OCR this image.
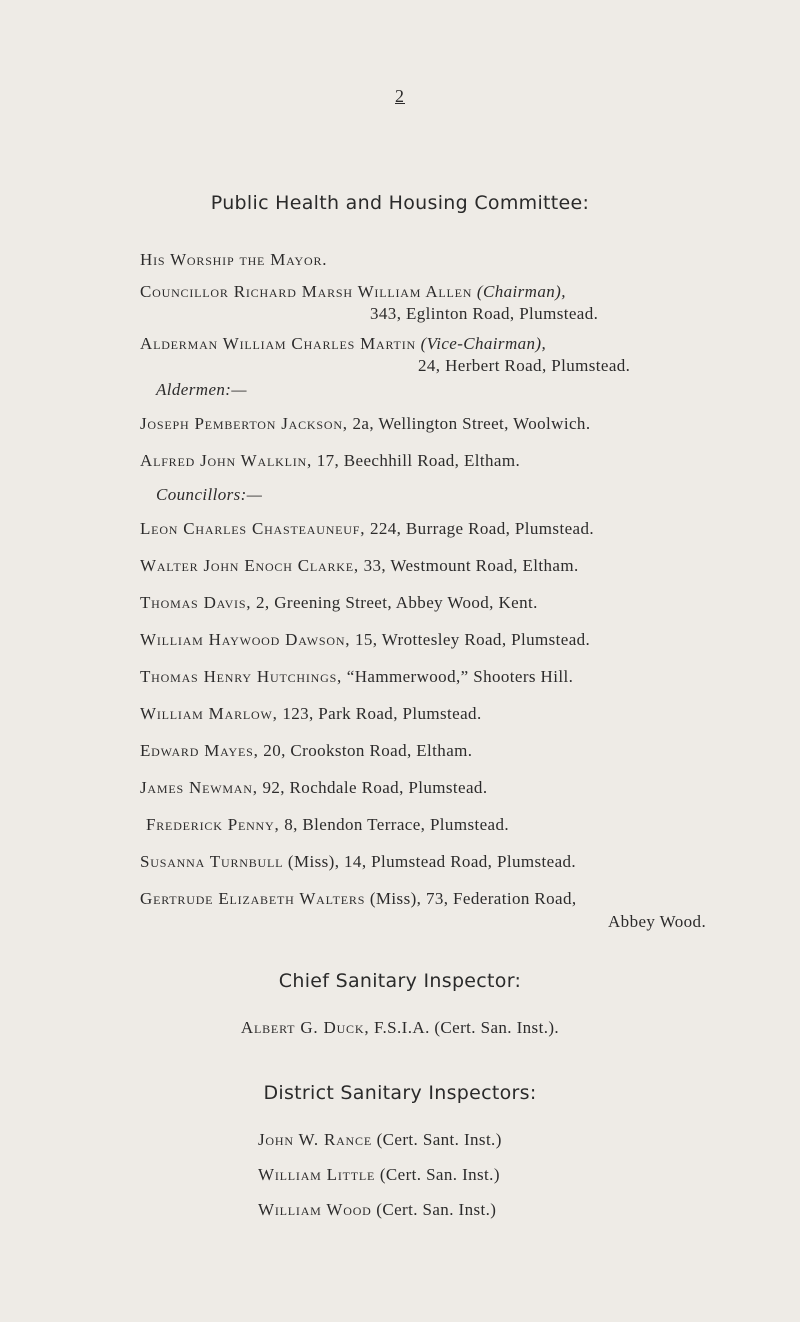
2
Public Health and Housing Committee:
His Worship the Mayor.
Councillor Richard Marsh William Allen (Chairman),
343, Eglinton Road, Plumstead.
Alderman William Charles Martin (Vice-Chairman),
24, Herbert Road, Plumstead.
Aldermen:—
Joseph Pemberton Jackson, 2a, Wellington Street, Woolwich.
Alfred John Walklin, 17, Beechhill Road, Eltham.
Councillors:—
Leon Charles Chasteauneuf, 224, Burrage Road, Plumstead.
Walter John Enoch Clarke, 33, Westmount Road, Eltham.
Thomas Davis, 2, Greening Street, Abbey Wood, Kent.
William Haywood Dawson, 15, Wrottesley Road, Plumstead.
Thomas Henry Hutchings, “Hammerwood,” Shooters Hill.
William Marlow, 123, Park Road, Plumstead.
Edward Mayes, 20, Crookston Road, Eltham.
James Newman, 92, Rochdale Road, Plumstead.
Frederick Penny, 8, Blendon Terrace, Plumstead.
Susanna Turnbull (Miss), 14, Plumstead Road, Plumstead.
Gertrude Elizabeth Walters (Miss), 73, Federation Road,
Abbey Wood.
Chief Sanitary Inspector:
Albert G. Duck, F.S.I.A. (Cert. San. Inst.).
District Sanitary Inspectors:
John W. Rance (Cert. Sant. Inst.)
William Little (Cert. San. Inst.)
William Wood (Cert. San. Inst.)
